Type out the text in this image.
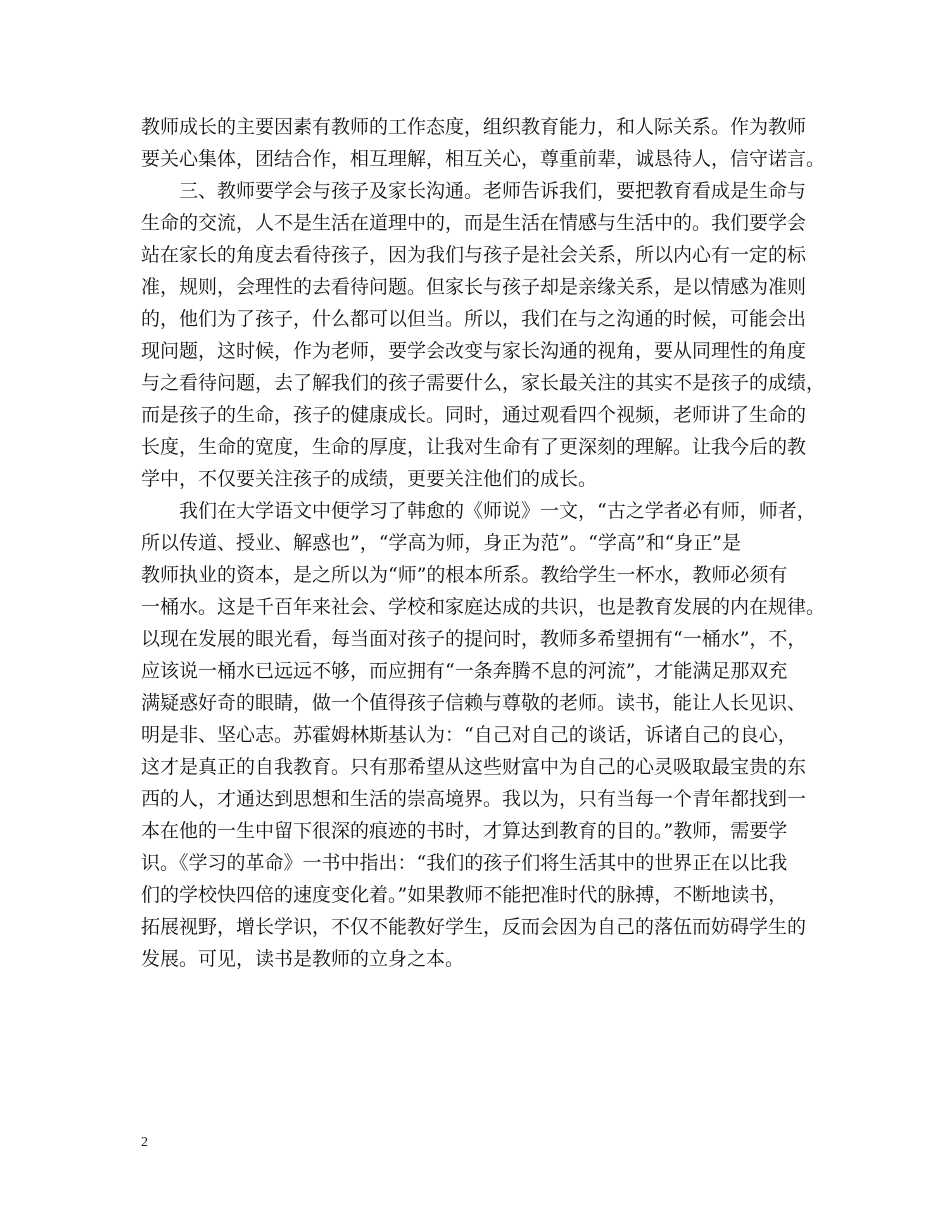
教师成长的主要因素有教师的工作态度，组织教育能力，和人际关系。作为教师
要关心集体，团结合作，相互理解，相互关心，尊重前辈，诚恳待人，信守诺言。
三、教师要学会与孩子及家长沟通。老师告诉我们，要把教育看成是生命与
生命的交流，人不是生活在道理中的，而是生活在情感与生活中的。我们要学会
站在家长的角度去看待孩子，因为我们与孩子是社会关系，所以内心有一定的标
准，规则，会理性的去看待问题。但家长与孩子却是亲缘关系，是以情感为准则
的，他们为了孩子，什么都可以但当。所以，我们在与之沟通的时候，可能会出
现问题，这时候，作为老师，要学会改变与家长沟通的视角，要从同理性的角度
与之看待问题，去了解我们的孩子需要什么，家长最关注的其实不是孩子的成绩，
而是孩子的生命，孩子的健康成长。同时，通过观看四个视频，老师讲了生命的
长度，生命的宽度，生命的厚度，让我对生命有了更深刻的理解。让我今后的教
学中，不仅要关注孩子的成绩，更要关注他们的成长。
我们在大学语文中便学习了韩愈的《师说》一文，“古之学者必有师，师者，
所以传道、授业、解惑也”，“学高为师，身正为范”。“学高”和“身正”是
教师执业的资本，是之所以为“师”的根本所系。教给学生一杯水，教师必须有
一桶水。这是千百年来社会、学校和家庭达成的共识，也是教育发展的内在规律。
以现在发展的眼光看，每当面对孩子的提问时，教师多希望拥有“一桶水”，不，
应该说一桶水已远远不够，而应拥有“一条奔腾不息的河流”，才能满足那双充
满疑惑好奇的眼睛，做一个值得孩子信赖与尊敬的老师。读书，能让人长见识、
明是非、坚心志。苏霍姆林斯基认为：“自己对自己的谈话，诉诸自己的良心，
这才是真正的自我教育。只有那希望从这些财富中为自己的心灵吸取最宝贵的东
西的人，才通达到思想和生活的崇高境界。我以为，只有当每一个青年都找到一
本在他的一生中留下很深的痕迹的书时，才算达到教育的目的。”教师，需要学
识。《学习的革命》一书中指出：“我们的孩子们将生活其中的世界正在以比我
们的学校快四倍的速度变化着。”如果教师不能把准时代的脉搏，不断地读书，
拓展视野，增长学识，不仅不能教好学生，反而会因为自己的落伍而妨碍学生的
发展。可见，读书是教师的立身之本。
2
